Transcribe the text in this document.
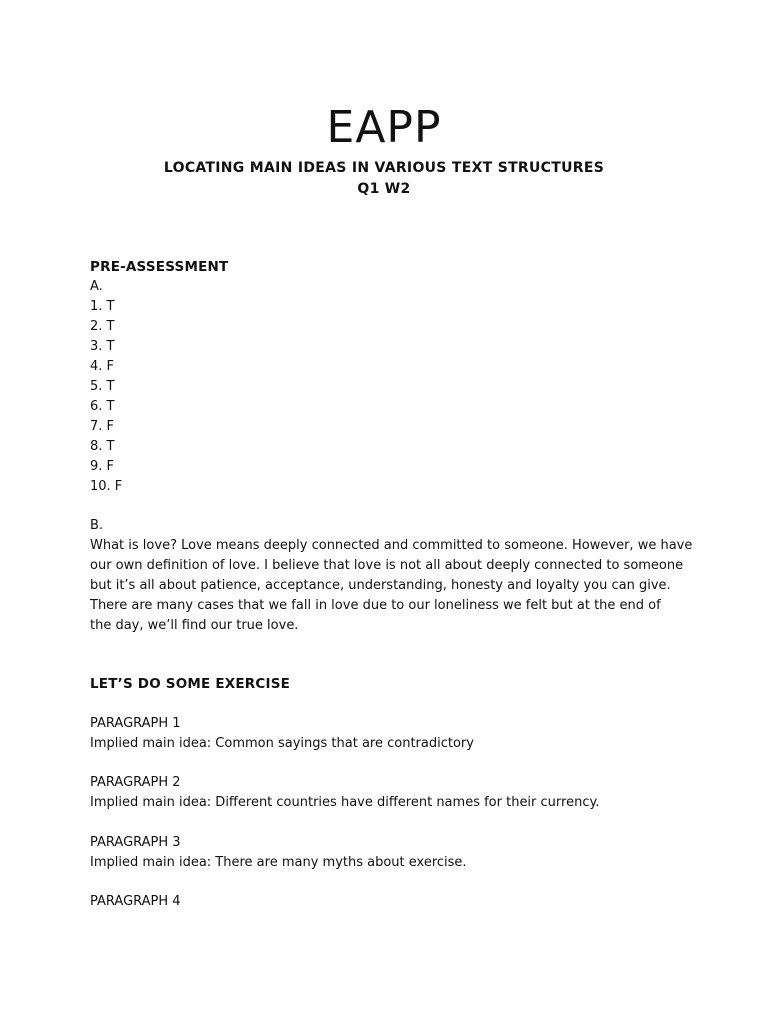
EAPP
LOCATING MAIN IDEAS IN VARIOUS TEXT STRUCTURES
Q1 W2
PRE-ASSESSMENT
A.
1. T
2. T
3. T
4. F
5. T
6. T
7. F
8. T
9. F
10. F
B.
What is love? Love means deeply connected and committed to someone. However, we have
our own definition of love. I believe that love is not all about deeply connected to someone
but it’s all about patience, acceptance, understanding, honesty and loyalty you can give.
There are many cases that we fall in love due to our loneliness we felt but at the end of
the day, we’ll find our true love.
LET’S DO SOME EXERCISE
PARAGRAPH 1
Implied main idea: Common sayings that are contradictory
PARAGRAPH 2
Implied main idea: Different countries have different names for their currency.
PARAGRAPH 3
Implied main idea: There are many myths about exercise.
PARAGRAPH 4
